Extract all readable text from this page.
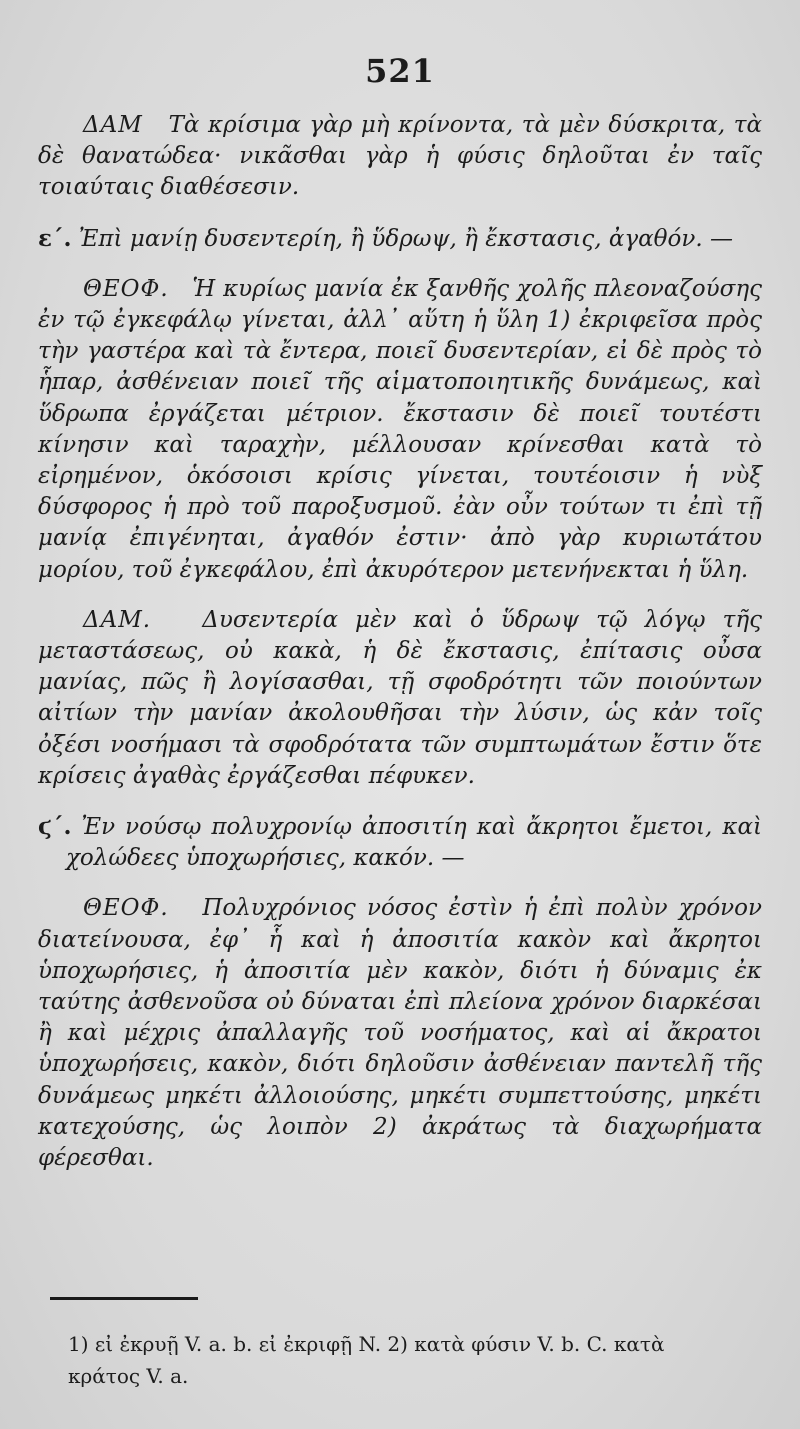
521

ΔΑΜ Τὰ κρίσιμα γὰρ μὴ κρίνοντα, τὰ μὲν δύσκριτα, τὰ δὲ θανατώδεα· νικᾶσθαι γὰρ ἡ φύσις δηλοῦται ἐν ταῖς τοιαύταις διαθέσεσιν.

ε΄. Ἐπὶ μανίῃ δυσεντερίη, ἢ ὕδρωψ, ἢ ἔκστασις, ἀγαθόν. —

ΘΕΟΦ. Ἡ κυρίως μανία ἐκ ξανθῆς χολῆς πλεοναζούσης ἐν τῷ ἐγκεφάλῳ γίνεται, ἀλλ᾽ αὕτη ἡ ὕλη 1) ἐκριφεῖσα πρὸς τὴν γαστέρα καὶ τὰ ἔντερα, ποιεῖ δυσεντερίαν, εἰ δὲ πρὸς τὸ ἧπαρ, ἀσθένειαν ποιεῖ τῆς αἱματοποιητικῆς δυνάμεως, καὶ ὕδρωπα ἐργάζεται μέτριον. ἔκστασιν δὲ ποιεῖ τουτέστι κίνησιν καὶ ταραχὴν, μέλλουσαν κρίνεσθαι κατὰ τὸ εἰρημένον, ὁκόσοισι κρίσις γίνεται, τουτέοισιν ἡ νὺξ δύσφορος ἡ πρὸ τοῦ παροξυσμοῦ. ἐὰν οὖν τούτων τι ἐπὶ τῇ μανίᾳ ἐπιγένηται, ἀγαθόν ἐστιν· ἀπὸ γὰρ κυριωτάτου μορίου, τοῦ ἐγκεφάλου, ἐπὶ ἀκυρότερον μετενήνεκται ἡ ὕλη.

ΔΑΜ. Δυσεντερία μὲν καὶ ὁ ὕδρωψ τῷ λόγῳ τῆς μεταστάσεως, οὐ κακὰ, ἡ δὲ ἔκστασις, ἐπίτασις οὖσα μανίας, πῶς ἢ λογίσασθαι, τῇ σφοδρότητι τῶν ποιούντων αἰτίων τὴν μανίαν ἀκολουθῆσαι τὴν λύσιν, ὡς κἀν τοῖς ὀξέσι νοσήμασι τὰ σφοδρότατα τῶν συμπτωμάτων ἔστιν ὅτε κρίσεις ἀγαθὰς ἐργάζεσθαι πέφυκεν.

ϛ΄. Ἐν νούσῳ πολυχρονίῳ ἀποσιτίη καὶ ἄκρητοι ἔμετοι, καὶ χολώδεες ὑποχωρήσιες, κακόν. —

ΘΕΟΦ. Πολυχρόνιος νόσος ἐστὶν ἡ ἐπὶ πολὺν χρόνον διατείνουσα, ἐφ᾽ ἧ καὶ ἡ ἀποσιτία κακὸν καὶ ἄκρητοι ὑποχωρήσιες, ἡ ἀποσιτία μὲν κακὸν, διότι ἡ δύναμις ἐκ ταύτης ἀσθενοῦσα οὐ δύναται ἐπὶ πλείονα χρόνον διαρκέσαι ἢ καὶ μέχρις ἀπαλλαγῆς τοῦ νοσήματος, καὶ αἱ ἄκρατοι ὑποχωρήσεις, κακὸν, διότι δηλοῦσιν ἀσθένειαν παντελῆ τῆς δυνάμεως μηκέτι ἀλλοιούσης, μηκέτι συμπεττούσης, μηκέτι κατεχούσης, ὡς λοιπὸν 2) ἀκράτως τὰ διαχωρήματα φέρεσθαι.

1) εἰ ἐκρυῇ V. a. b. εἰ ἐκριφῇ N. 2) κατὰ φύσιν V. b. C. κατὰ
κράτος V. a.
